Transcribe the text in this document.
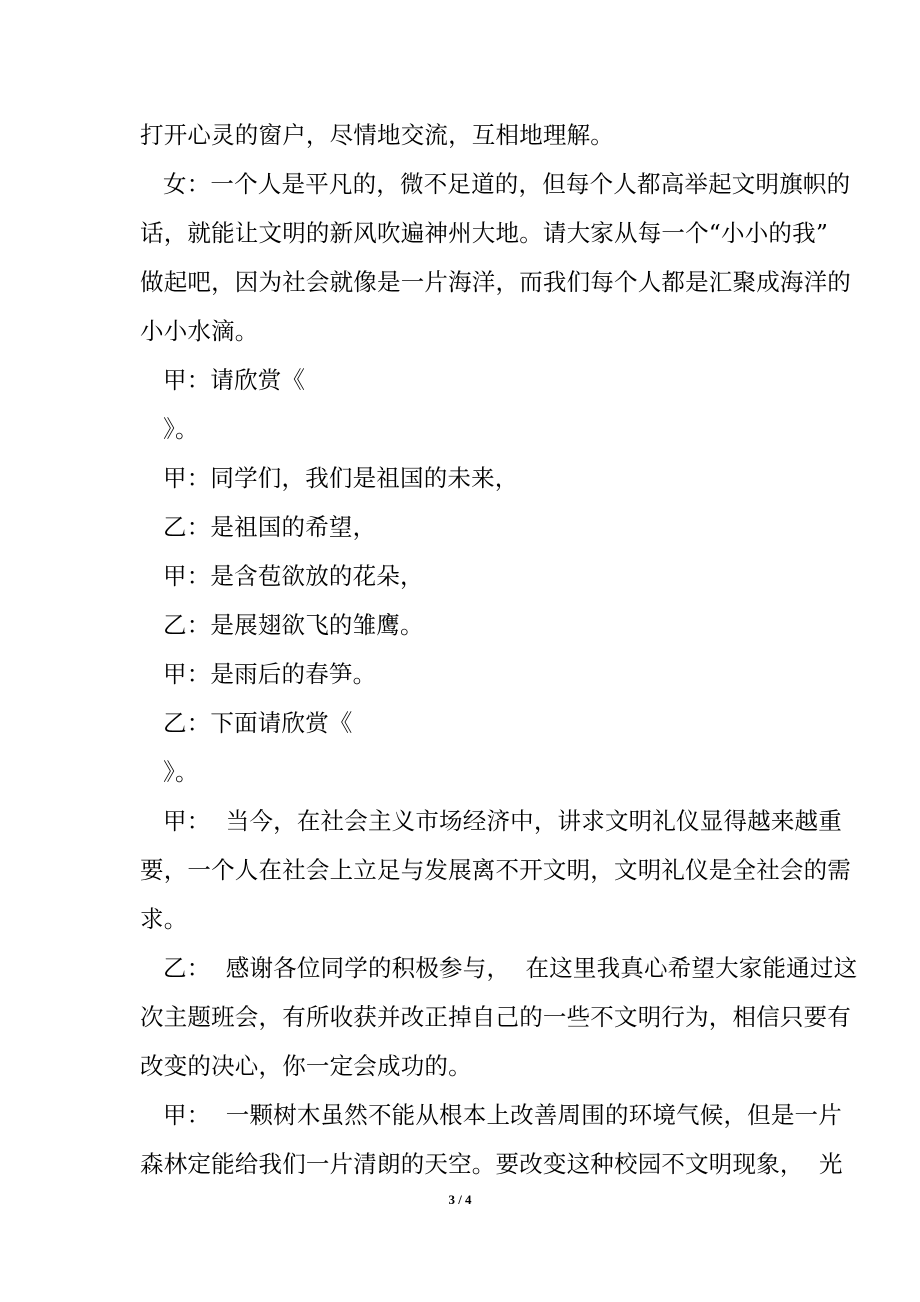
打开心灵的窗户，尽情地交流，互相地理解。
女：一个人是平凡的，微不足道的，但每个人都高举起文明旗帜的
话，就能让文明的新风吹遍神州大地。请大家从每一个“小小的我”
做起吧，因为社会就像是一片海洋，而我们每个人都是汇聚成海洋的
小小水滴。
甲：请欣赏《
》。
甲：同学们，我们是祖国的未来，
乙：是祖国的希望，
甲：是含苞欲放的花朵，
乙：是展翅欲飞的雏鹰。
甲：是雨后的春笋。
乙：下面请欣赏《
》。
甲：  当今，在社会主义市场经济中，讲求文明礼仪显得越来越重
要，一个人在社会上立足与发展离不开文明，文明礼仪是全社会的需
求。
乙：  感谢各位同学的积极参与，  在这里我真心希望大家能通过这
次主题班会，有所收获并改正掉自己的一些不文明行为，相信只要有
改变的决心，你一定会成功的。
甲：  一颗树木虽然不能从根本上改善周围的环境气候，但是一片
森林定能给我们一片清朗的天空。要改变这种校园不文明现象，  光
3 / 4
